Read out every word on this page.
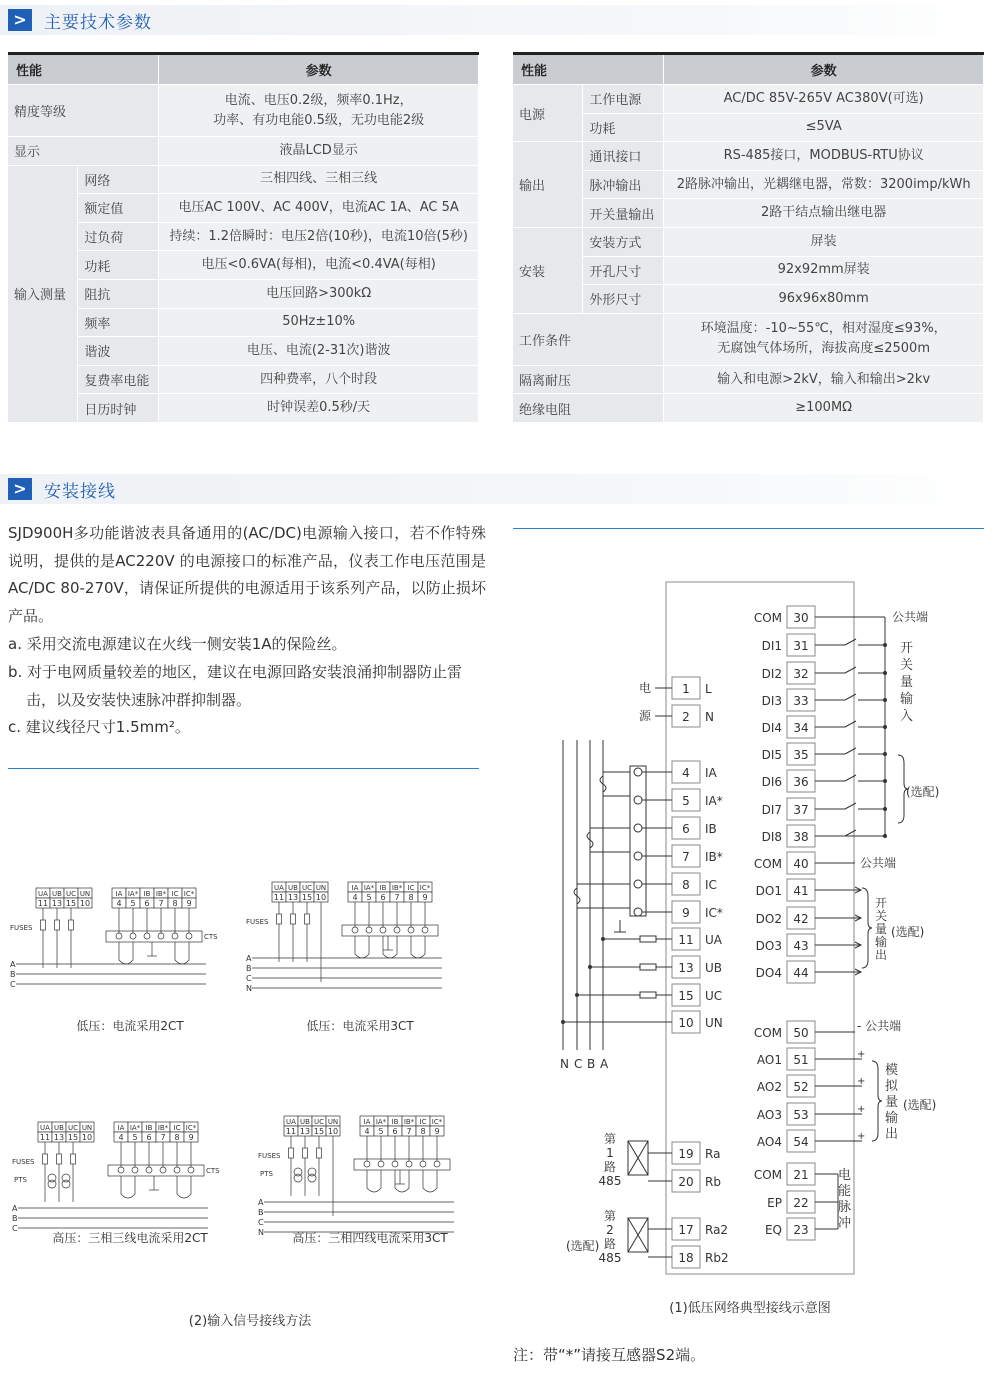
>	主要技术参数
性能		参数
精度等级		电流、电压0.2级，频率0.1Hz，
功率、有功电能0.5级，无功电能2级
显示		液晶LCD显示
输入测量	网络	三相四线、三相三线
	额定值	电压AC 100V、AC 400V，电流AC 1A、AC 5A
	过负荷	持续：1.2倍瞬时：电压2倍(10秒)，电流10倍(5秒)
	功耗	电压<0.6VA(每相)，电流<0.4VA(每相)
	阻抗	电压回路>300kΩ
	频率	50Hz±10%
	谐波	电压、电流(2-31次)谐波
	复费率电能	四种费率，八个时段
	日历时钟	时钟误差0.5秒/天
性能		参数
电源	工作电源	AC/DC 85V-265V AC380V(可选)
	功耗	≤5VA
输出	通讯接口	RS-485接口，MODBUS-RTU协议
	脉冲输出	2路脉冲输出，光耦继电器，常数：3200imp/kWh
	开关量输出	2路干结点输出继电器
安装	安装方式	屏装
	开孔尺寸	92x92mm屏装
	外形尺寸	96x96x80mm
工作条件		环境温度：-10~55℃，相对湿度≤93%，
无腐蚀气体场所，海拔高度≤2500m
隔离耐压		输入和电源>2kV，输入和输出>2kv
绝缘电阻		≥100MΩ
>	安装接线
SJD900H多功能谐波表具备通用的(AC/DC)电源输入接口，若不作特殊说明，提供的是AC220V 的电源接口的标准产品，仪表工作电压范围是AC/DC 80-270V，请保证所提供的电源适用于该系列产品，以防止损坏产品。
a. 采用交流电源建议在火线一侧安装1A的保险丝。
b. 对于电网质量较差的地区，建议在电源回路安装浪涌抑制器防止雷击，以及安装快速脉冲群抑制器。
c. 建议线径尺寸1.5mm²。
UA
11
UB
13
UC
15
UN
10
IA
4
IA*
5
IB
6
IB*
7
IC
8
IC*
9
FUSES
CTS
A
B
C
低压：电流采用2CT
UA
11
UB
13
UC
15
UN
10
IA
4
IA*
5
IB
6
IB*
7
IC
8
IC*
9
FUSES
A
B
C
N
低压：电流采用3CT
UA
11
UB
13
UC
15
UN
10
IA
4
IA*
5
IB
6
IB*
7
IC
8
IC*
9
FUSES
PTS
CTS
A
B
C
高压：三相三线电流采用2CT
UA
11
UB
13
UC
15
UN
10
IA
4
IA*
5
IB
6
IB*
7
IC
8
IC*
9
FUSES
PTS
A
B
C
N 高压：三相四线电流采用3CT
1 L
2 N
4 IA
5 IA*
6 IB
7 IB*
8 IC
9 IC*
11 UA
13 UB
15 UC
10 UN
19 Ra
20 Rb
17 Ra2
18 Rb2
30
COM
31
DI1
32
DI2
33
DI3
34
DI4
35
DI5
36
DI6
37
DI7
38
DI8
40
COM
41
DO1
42
DO2
43
DO3
44
DO4
50
COM
51
AO1
52
AO2
53
AO3
54
AO4
21
COM
22
EP
23
EQ
公共端
开
关
量
输
入
(选配)
公共端
开
关
量
输
出
(选配)
- 公共端
+
+
+
+
模
拟
量
输
出
(选配)
电
能
脉
冲
电
源
N C B A
第
1
路
485
第
2
路
485
(选配)
(2)输入信号接线方法
(1)低压网络典型接线示意图
注：带“*”请接互感器S2端。
